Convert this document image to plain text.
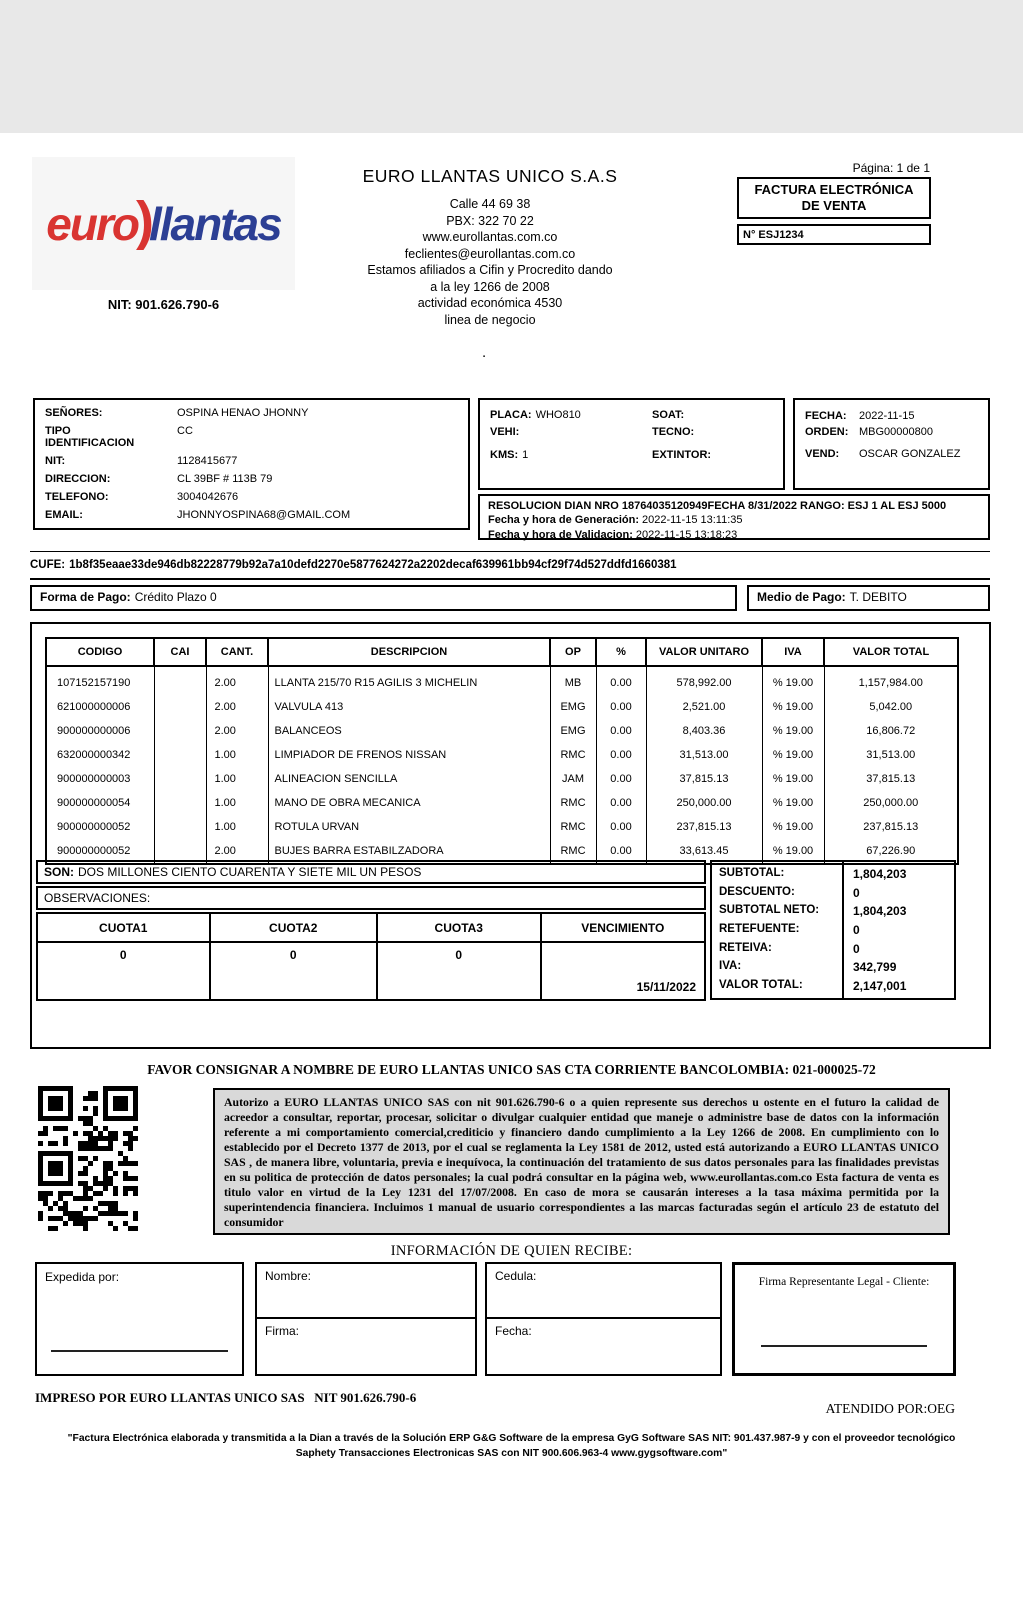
euro
)
llantas
NIT: 901.626.790-6
EURO LLANTAS UNICO S.A.S
Calle 44 69 38
PBX: 322 70 22
www.eurollantas.com.co
feclientes@eurollantas.com.co
Estamos afiliados a Cifin y Procredito dando
a la ley 1266 de 2008
actividad económica 4530
linea de negocio
.
Página: 1 de 1
FACTURA ELECTRÓNICA DE VENTA
N° ESJ1234
SEÑORES:	OSPINA HENAO JHONNY
TIPO IDENTIFICACION
CC
NIT:	1128415677
DIRECCION:	CL 39BF # 113B 79
TELEFONO:	3004042676
EMAIL:	JHONNYOSPINA68@GMAIL.COM
PLACA: WHO810
VEHI:
KMS: 1
SOAT:
TECNO:
EXTINTOR:
FECHA:	2022-11-15
ORDEN: MBG00000800
VEND:	OSCAR GONZALEZ
RESOLUCION DIAN NRO 18764035120949FECHA 8/31/2022 RANGO: ESJ 1 AL ESJ 5000
Fecha y hora de Generación: 2022-11-15 13:11:35
Fecha y hora de Validacion: 2022-11-15 13:18:23
CUFE: 1b8f35eaae33de946db82228779b92a7a10defd2270e5877624272a2202decaf639961bb94cf29f74d527ddfd1660381
Forma de Pago: Crédito Plazo 0	Medio de Pago: T. DEBITO
CODIGO	CAI	CANT.	DESCRIPCION	OP	%	VALOR UNITARO	IVA	VALOR TOTAL
107152157190		2.00	LLANTA 215/70 R15 AGILIS 3 MICHELIN	MB	0.00	578,992.00	% 19.00	1,157,984.00
621000000006		2.00	VALVULA 413	EMG	0.00	2,521.00	% 19.00	5,042.00
900000000006		2.00	BALANCEOS	EMG	0.00	8,403.36	% 19.00	16,806.72
632000000342		1.00	LIMPIADOR DE FRENOS NISSAN	RMC	0.00	31,513.00	% 19.00	31,513.00
900000000003		1.00	ALINEACION SENCILLA	JAM	0.00	37,815.13	% 19.00	37,815.13
900000000054		1.00	MANO DE OBRA MECANICA	RMC	0.00	250,000.00	% 19.00	250,000.00
900000000052		1.00	ROTULA URVAN	RMC	0.00	237,815.13	% 19.00	237,815.13
900000000052		2.00	BUJES BARRA ESTABILZADORA	RMC	0.00	33,613.45	% 19.00	67,226.90
SON: DOS MILLONES CIENTO CUARENTA Y SIETE MIL UN PESOS
OBSERVACIONES:
CUOTA1	CUOTA2	CUOTA3	VENCIMIENTO
0	0	0	15/11/2022
SUBTOTAL:	1,804,203
DESCUENTO:	0
SUBTOTAL NETO:	1,804,203
RETEFUENTE:	0
RETEIVA:	0
IVA:	342,799
VALOR TOTAL:	2,147,001
FAVOR CONSIGNAR A NOMBRE DE EURO LLANTAS UNICO SAS CTA CORRIENTE BANCOLOMBIA: 021-000025-72
Autorizo a EURO LLANTAS UNICO SAS con nit 901.626.790-6 o a quien represente sus derechos u ostente en el futuro la calidad de acreedor a consultar, reportar, procesar, solicitar o divulgar cualquier entidad que maneje o administre base de datos con la información referente a mi comportamiento comercial,crediticio y financiero dando cumplimiento a la Ley 1266 de 2008. En cumplimiento con lo establecido por el Decreto 1377 de 2013, por el cual se reglamenta la Ley 1581 de 2012, usted está autorizando a EURO LLANTAS UNICO SAS , de manera libre, voluntaria, previa e inequívoca, la continuación del tratamiento de sus datos personales para las finalidades previstas en su politica de protección de datos personales; la cual podrá consultar en la página web, www.eurollantas.com.co Esta factura de venta es titulo valor en virtud de la Ley 1231 del 17/07/2008. En caso de mora se causarán intereses a la tasa máxima permitida por la superintendencia financiera. Incluimos 1 manual de usuario correspondientes a las marcas facturadas según el artículo 23 de estatuto del consumidor
INFORMACIÓN DE QUIEN RECIBE:
Expedida por:	Nombre:
Firma:
Cedula:
Fecha:
Firma Representante Legal - Cliente:
IMPRESO POR EURO LLANTAS UNICO SAS   NIT 901.626.790-6
ATENDIDO POR:OEG
"Factura Electrónica elaborada y transmitida a la Dian a través de la Solución ERP G&G Software de la empresa GyG Software SAS NIT: 901.437.987-9 y con el proveedor tecnológico
Saphety Transacciones Electronicas SAS con NIT 900.606.963-4 www.gygsoftware.com"
